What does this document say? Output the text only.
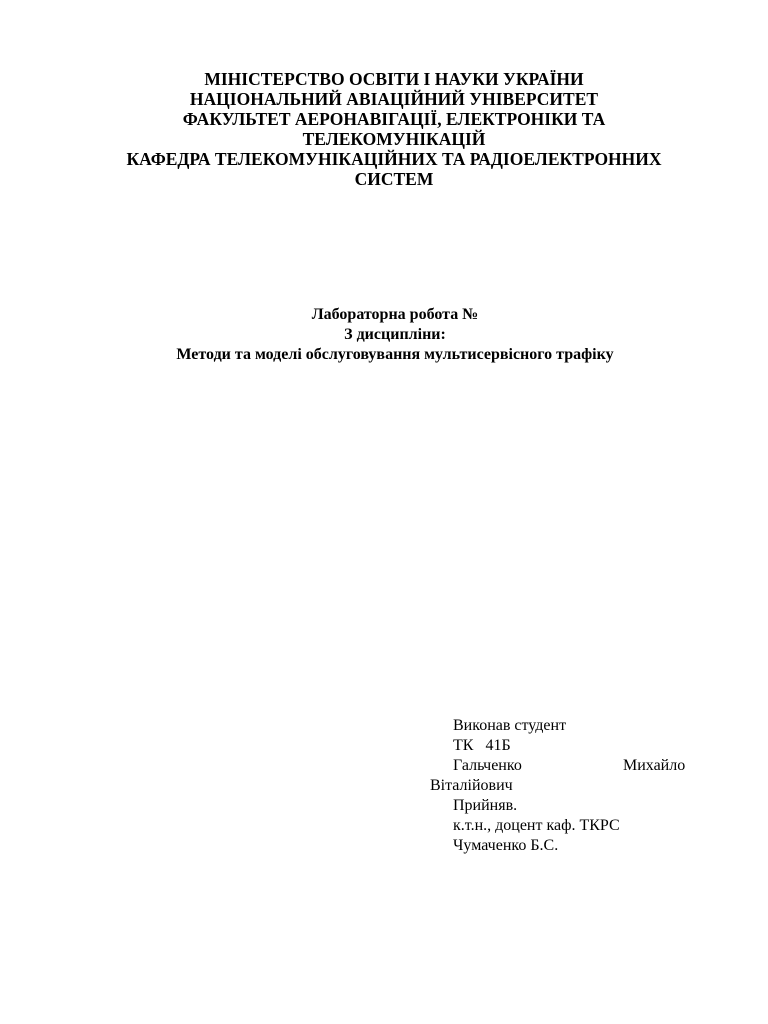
МІНІСТЕРСТВО ОСВІТИ І НАУКИ УКРАЇНИ
НАЦІОНАЛЬНИЙ АВІАЦІЙНИЙ УНІВЕРСИТЕТ
ФАКУЛЬТЕТ АЕРОНАВІГАЦІЇ, ЕЛЕКТРОНІКИ ТА
ТЕЛЕКОМУНІКАЦІЙ
КАФЕДРА ТЕЛЕКОМУНІКАЦІЙНИХ ТА РАДІОЕЛЕКТРОННИХ
СИСТЕМ
Лабораторна робота №
З дисципліни:
Методи та моделі обслуговування мультисервісного трафіку
Виконав студент
ТК 41Б
Гальченко	Михайло
Віталійович
Прийняв.
к.т.н., доцент каф. ТКРС
Чумаченко Б.С.
